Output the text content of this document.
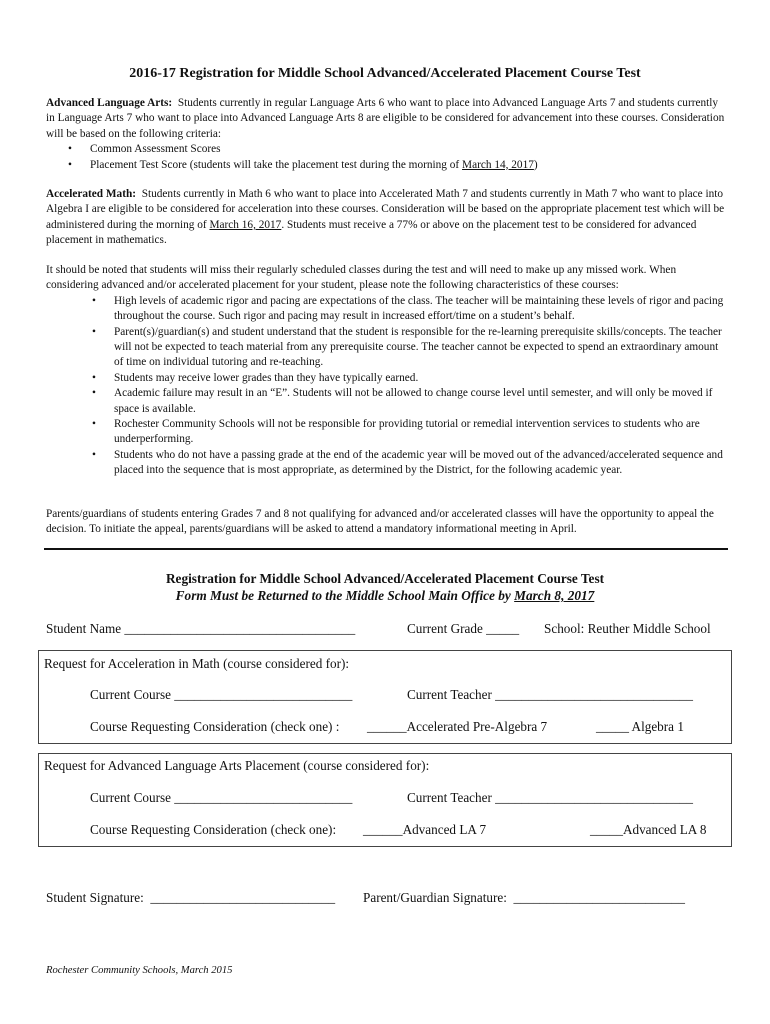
2016-17 Registration for Middle School Advanced/Accelerated Placement Course Test
Advanced Language Arts: Students currently in regular Language Arts 6 who want to place into Advanced Language Arts 7 and students currently in Language Arts 7 who want to place into Advanced Language Arts 8 are eligible to be considered for advancement into these courses. Consideration will be based on the following criteria:
• Common Assessment Scores
• Placement Test Score (students will take the placement test during the morning of March 14, 2017)
Accelerated Math: Students currently in Math 6 who want to place into Accelerated Math 7 and students currently in Math 7 who want to place into Algebra I are eligible to be considered for acceleration into these courses. Consideration will be based on the appropriate placement test which will be administered during the morning of March 16, 2017. Students must receive a 77% or above on the placement test to be considered for advanced placement in mathematics.
It should be noted that students will miss their regularly scheduled classes during the test and will need to make up any missed work. When considering advanced and/or accelerated placement for your student, please note the following characteristics of these courses:
• High levels of academic rigor and pacing are expectations of the class. The teacher will be maintaining these levels of rigor and pacing throughout the course. Such rigor and pacing may result in increased effort/time on a student’s behalf.
• Parent(s)/guardian(s) and student understand that the student is responsible for the re-learning prerequisite skills/concepts. The teacher will not be expected to teach material from any prerequisite course. The teacher cannot be expected to spend an extraordinary amount of time on individual tutoring and re-teaching.
• Students may receive lower grades than they have typically earned.
• Academic failure may result in an “E”. Students will not be allowed to change course level until semester, and will only be moved if space is available.
• Rochester Community Schools will not be responsible for providing tutorial or remedial intervention services to students who are underperforming.
• Students who do not have a passing grade at the end of the academic year will be moved out of the advanced/accelerated sequence and placed into the sequence that is most appropriate, as determined by the District, for the following academic year.
Parents/guardians of students entering Grades 7 and 8 not qualifying for advanced and/or accelerated classes will have the opportunity to appeal the decision. To initiate the appeal, parents/guardians will be asked to attend a mandatory informational meeting in April.
Registration for Middle School Advanced/Accelerated Placement Course Test
Form Must be Returned to the Middle School Main Office by March 8, 2017
Student Name ___________________________________	Current Grade _____ School: Reuther Middle School
Request for Acceleration in Math (course considered for):
Current Course ___________________________	Current Teacher ______________________________
Course Requesting Consideration (check one) : ______Accelerated Pre-Algebra 7	_____ Algebra 1
Request for Advanced Language Arts Placement (course considered for):
Current Course ___________________________	Current Teacher ______________________________
Course Requesting Consideration (check one): ______Advanced LA 7	_____Advanced LA 8
Student Signature: ____________________________ Parent/Guardian Signature: __________________________
Rochester Community Schools, March 2015
